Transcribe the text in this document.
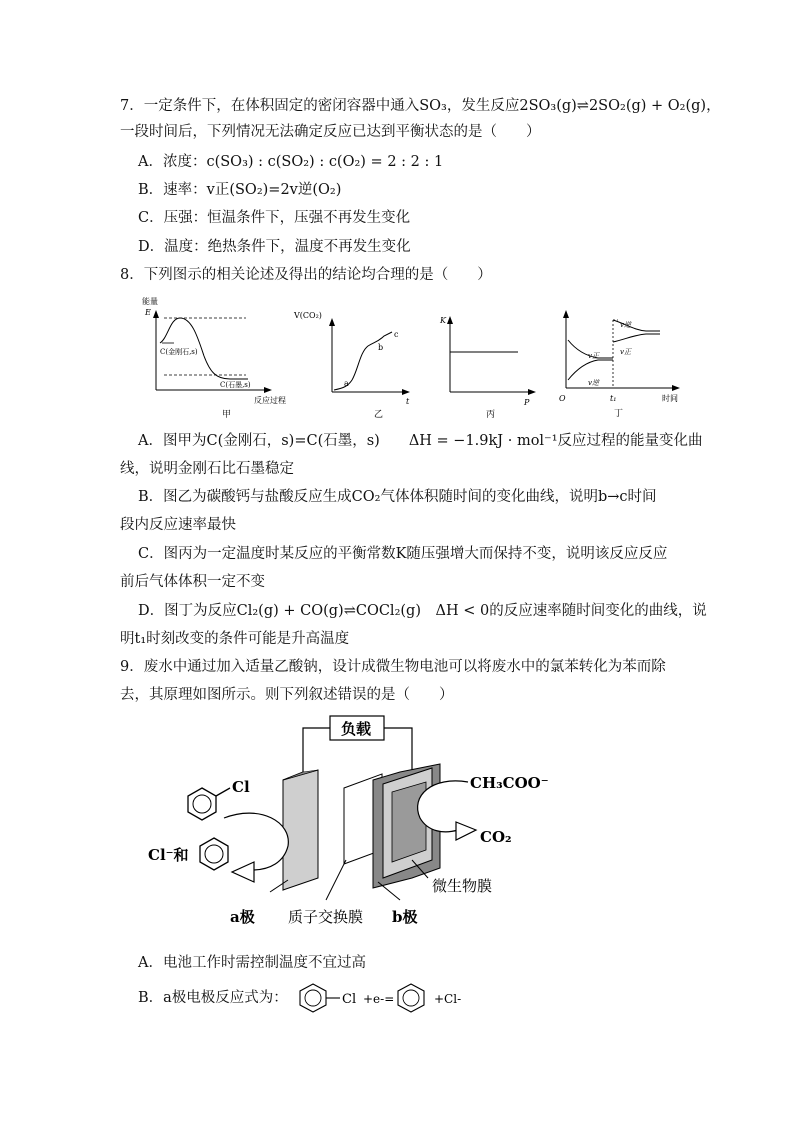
7．一定条件下，在体积固定的密闭容器中通入SO₃，发生反应2SO₃(g)⇌2SO₂(g) + O₂(g)，
一段时间后，下列情况无法确定反应已达到平衡状态的是（　　）
A．浓度：c(SO₃) : c(SO₂) : c(O₂) = 2 : 2 : 1
B．速率：v正(SO₂)=2v逆(O₂)
C．压强：恒温条件下，压强不再发生变化
D．温度：绝热条件下，温度不再发生变化
8．下列图示的相关论述及得出的结论均合理的是（　　）
能量
E
C(金刚石,s)
C(石墨,s)
反应过程
甲
V(CO₂)
a
b
c
t
乙
K
P
丙
v逆
v正
v正
v逆
O	t₁	时间
丁
A．图甲为C(金刚石，s)=C(石墨，s)　　ΔH = −1.9kJ · mol⁻¹反应过程的能量变化曲
线，说明金刚石比石墨稳定
B．图乙为碳酸钙与盐酸反应生成CO₂气体体积随时间的变化曲线，说明b→c时间
段内反应速率最快
C．图丙为一定温度时某反应的平衡常数K随压强增大而保持不变，说明该反应反应
前后气体体积一定不变
D．图丁为反应Cl₂(g) + CO(g)⇌COCl₂(g)　ΔH < 0的反应速率随时间变化的曲线，说
明t₁时刻改变的条件可能是升高温度
9．废水中通过加入适量乙酸钠，设计成微生物电池可以将废水中的氯苯转化为苯而除
去，其原理如图所示。则下列叙述错误的是（　　）
负载
Cl
Cl⁻和
CH₃COO⁻
CO₂
微生物膜
a极 质子交换膜 b极
A．电池工作时需控制温度不宜过高
B．a极电极反应式为：	Cl +e-=	+Cl-
